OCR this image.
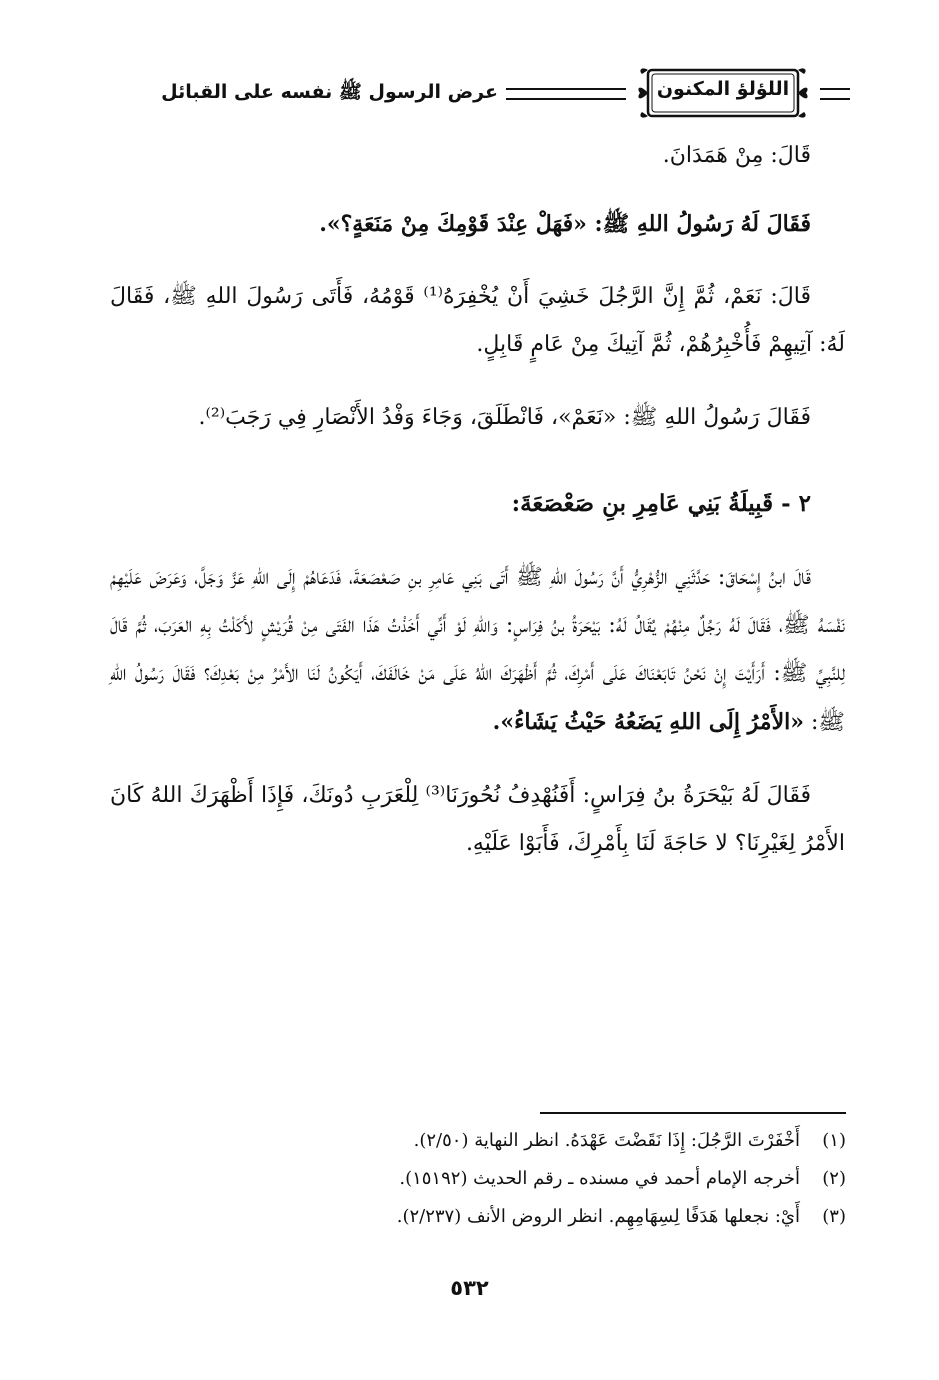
اللؤلؤ المكنون
عرض الرسول ﷺ نفسه على القبائل

قَالَ: مِنْ هَمَدَانَ.

فَقَالَ لَهُ رَسُولُ اللهِ ﷺ: «فَهَلْ عِنْدَ قَوْمِكَ مِنْ مَنَعَةٍ؟».

قَالَ: نَعَمْ، ثُمَّ إِنَّ الرَّجُلَ خَشِيَ أَنْ يُخْفِرَهُ⁽¹⁾ قَوْمُهُ، فَأَتَى رَسُولَ اللهِ ﷺ، فَقَالَ لَهُ: آتِيهِمْ فَأُخْبِرُهُمْ، ثُمَّ آتِيكَ مِنْ عَامٍ قَابِلٍ.

فَقَالَ رَسُولُ اللهِ ﷺ: «نَعَمْ»، فَانْطَلَقَ، وَجَاءَ وَفْدُ الأَنْصَارِ فِي رَجَبَ⁽²⁾.

٢ - قَبِيلَةُ بَنِي عَامِرِ بنِ صَعْصَعَةَ:

قَالَ ابنُ إِسْحَاقَ: حَدَّثَنِي الزُّهْرِيُّ أَنَّ رَسُولَ اللهِ ﷺ أَتَى بَنِي عَامِرِ بنِ صَعْصَعَةَ، فَدَعَاهُمْ إِلَى اللهِ عَزَّ وَجَلَّ، وَعَرَضَ عَلَيْهِمْ نَفْسَهُ ﷺ، فَقَالَ لَهُ رَجُلٌ مِنْهُمْ يُقَالُ لَهُ: بَيْحَرَةُ بنُ فِرَاسٍ: وَاللهِ لَوْ أَنِّي أَخَذْتُ هَذَا الفَتَى مِنْ قُرَيْشٍ لأَكَلْتُ بِهِ العَرَبَ، ثُمَّ قَالَ لِلنَّبِيِّ ﷺ: أَرَأَيْتَ إِنْ نَحْنُ تَابَعْنَاكَ عَلَى أَمْرِكَ، ثُمَّ أَظْهَرَكَ اللهُ عَلَى مَنْ خَالَفَكَ، أَيَكُونُ لَنَا الأَمْرُ مِنْ بَعْدِكَ؟ فَقَالَ رَسُولُ اللهِ ﷺ: «الأَمْرُ إِلَى اللهِ يَضَعُهُ حَيْثُ يَشَاءُ».

فَقَالَ لَهُ بَيْحَرَةُ بنُ فِرَاسٍ: أَفَنُهْدِفُ نُحُورَنَا⁽³⁾ لِلْعَرَبِ دُونَكَ، فَإِذَا أَظْهَرَكَ اللهُ كَانَ الأَمْرُ لِغَيْرِنَا؟ لا حَاجَةَ لَنَا بِأَمْرِكَ، فَأَبَوْا عَلَيْهِ.

(١)
أَخْفَرْتَ الرَّجُلَ: إِذَا نَقَضْتَ عَهْدَهُ. انظر النهاية (٢/٥٠).
(٢)
أخرجه الإمام أحمد في مسنده ـ رقم الحديث (١٥١٩٢).
(٣)
أَيْ: نجعلها هَدَفًا لِسِهَامِهِم. انظر الروض الأنف (٢/٢٣٧).
٥٣٢
